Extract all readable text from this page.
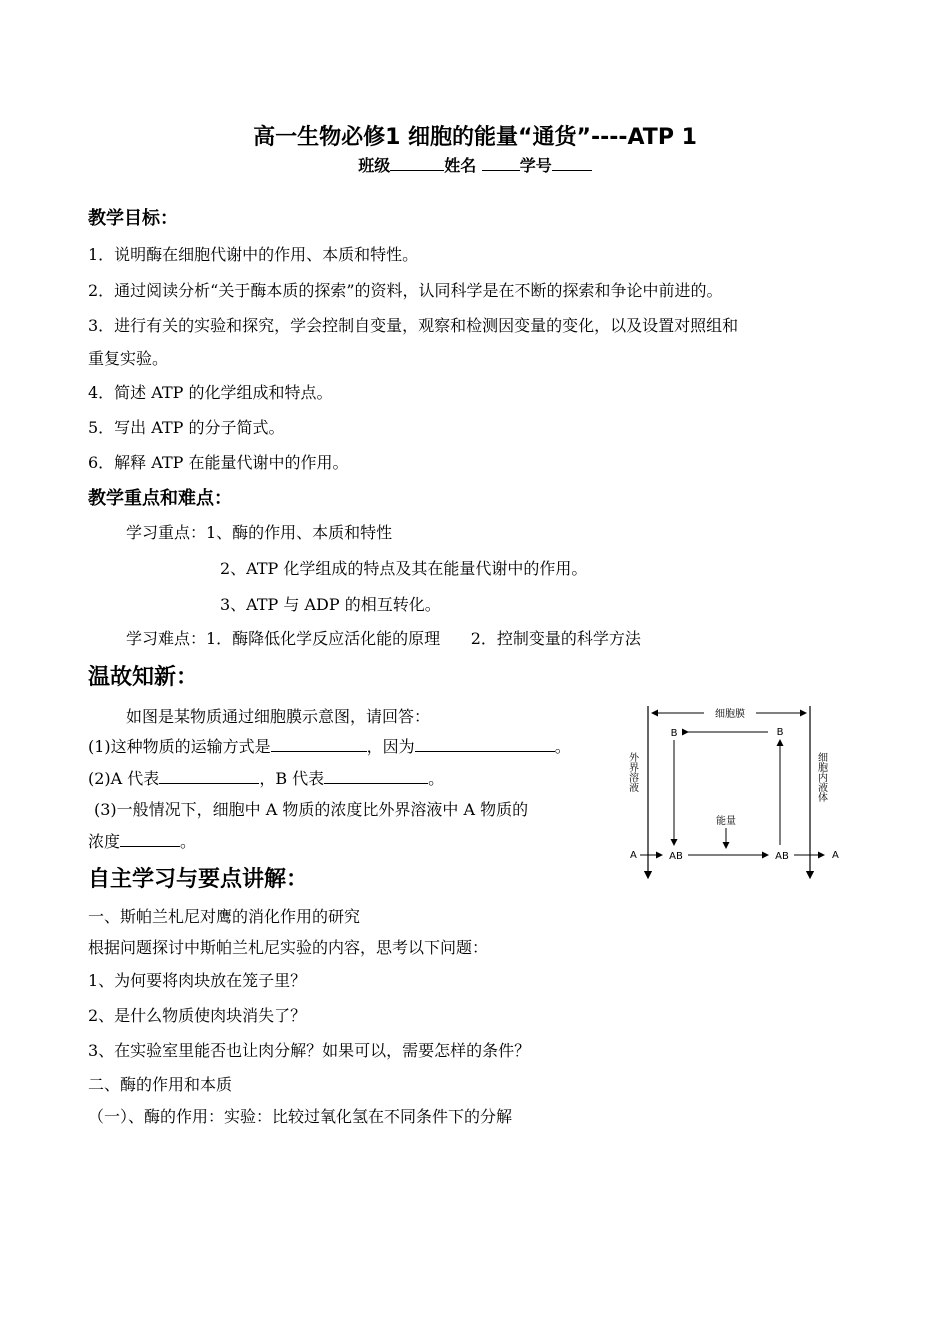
高一生物必修1 细胞的能量“通货”----ATP 1
班级	姓名	学号
教学目标：
1．说明酶在细胞代谢中的作用、本质和特性。
2．通过阅读分析“关于酶本质的探索”的资料，认同科学是在不断的探索和争论中前进的。
3．进行有关的实验和探究，学会控制自变量，观察和检测因变量的变化，以及设置对照组和
重复实验。
4．简述 ATP 的化学组成和特点。
5．写出 ATP 的分子简式。
6．解释 ATP 在能量代谢中的作用。
教学重点和难点：
学习重点：1、酶的作用、本质和特性
2、ATP 化学组成的特点及其在能量代谢中的作用。
3、ATP 与 ADP 的相互转化。
学习难点：1．酶降低化学反应活化能的原理      2．控制变量的科学方法
温故知新：
如图是某物质通过细胞膜示意图，请回答：
(1)这种物质的运输方式是	，因为	。
(2)A 代表	，B 代表	。
(3)一般情况下，细胞中 A 物质的浓度比外界溶液中 A 物质的
浓度	。
细胞膜
外界溶液	细胞内液体
B	B
能量
A	AB	AB	A
自主学习与要点讲解：
一、斯帕兰札尼对鹰的消化作用的研究
根据问题探讨中斯帕兰札尼实验的内容，思考以下问题：
1、为何要将肉块放在笼子里？
2、是什么物质使肉块消失了？
3、在实验室里能否也让肉分解？如果可以，需要怎样的条件？
二、酶的作用和本质
（一）、酶的作用：实验：比较过氧化氢在不同条件下的分解
